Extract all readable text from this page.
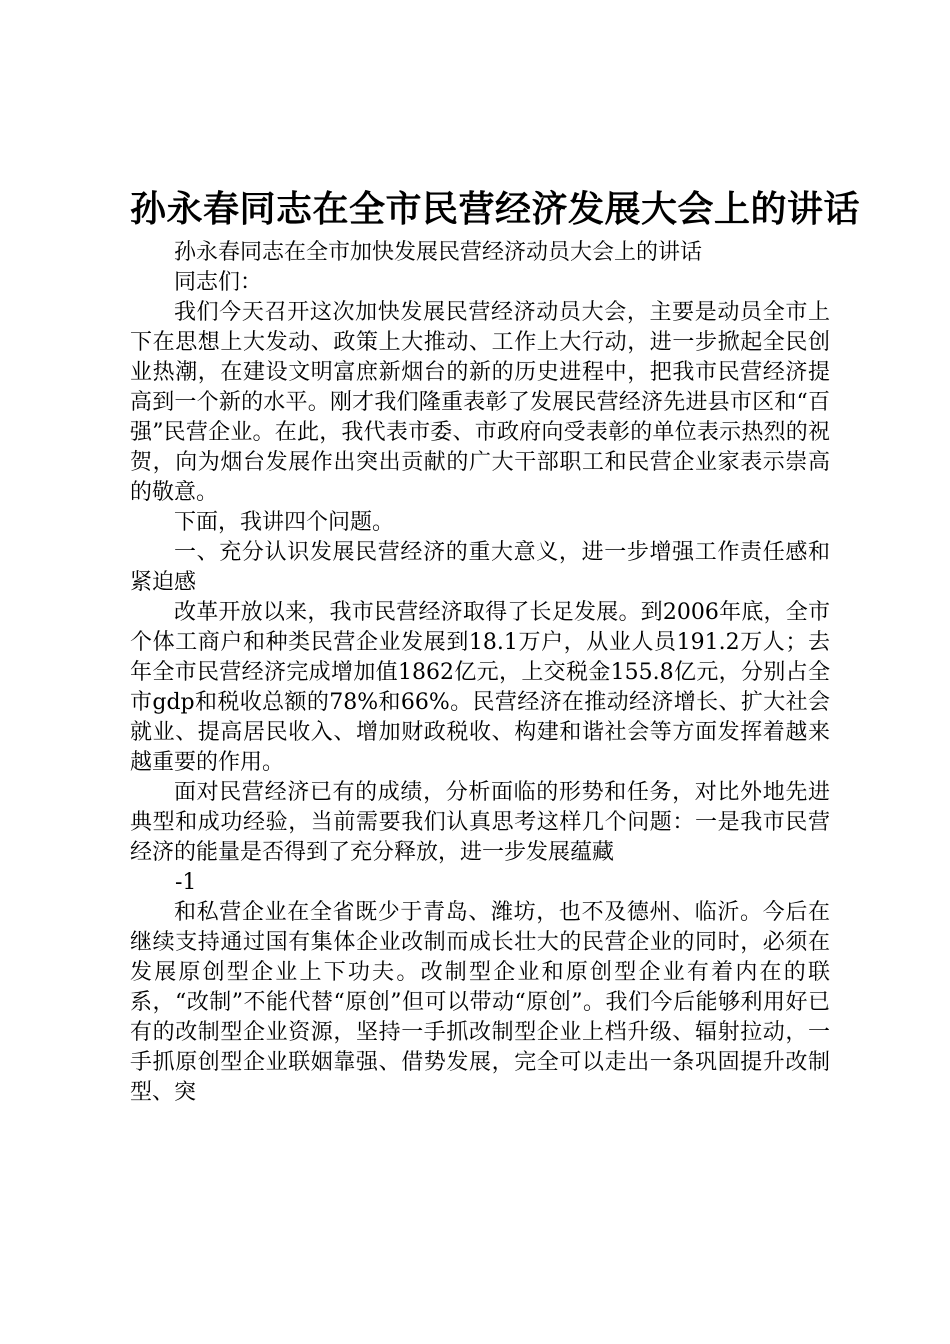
孙永春同志在全市民营经济发展大会上的讲话

孙永春同志在全市加快发展民营经济动员大会上的讲话

同志们：

我们今天召开这次加快发展民营经济动员大会，主要是动员全市上下在思想上大发动、政策上大推动、工作上大行动，进一步掀起全民创业热潮，在建设文明富庶新烟台的新的历史进程中，把我市民营经济提高到一个新的水平。刚才我们隆重表彰了发展民营经济先进县市区和“百强”民营企业。在此，我代表市委、市政府向受表彰的单位表示热烈的祝贺，向为烟台发展作出突出贡献的广大干部职工和民营企业家表示崇高的敬意。

下面，我讲四个问题。

一、充分认识发展民营经济的重大意义，进一步增强工作责任感和紧迫感

改革开放以来，我市民营经济取得了长足发展。到2006年底，全市个体工商户和种类民营企业发展到18.1万户，从业人员191.2万人；去年全市民营经济完成增加值1862亿元，上交税金155.8亿元，分别占全市gdp和税收总额的78%和66%。民营经济在推动经济增长、扩大社会就业、提高居民收入、增加财政税收、构建和谐社会等方面发挥着越来越重要的作用。

面对民营经济已有的成绩，分析面临的形势和任务，对比外地先进典型和成功经验，当前需要我们认真思考这样几个问题：一是我市民营经济的能量是否得到了充分释放，进一步发展蕴藏

-1

和私营企业在全省既少于青岛、潍坊，也不及德州、临沂。今后在继续支持通过国有集体企业改制而成长壮大的民营企业的同时，必须在发展原创型企业上下功夫。改制型企业和原创型企业有着内在的联系，“改制”不能代替“原创”但可以带动“原创”。我们今后能够利用好已有的改制型企业资源，坚持一手抓改制型企业上档升级、辐射拉动，一手抓原创型企业联姻靠强、借势发展，完全可以走出一条巩固提升改制型、突
